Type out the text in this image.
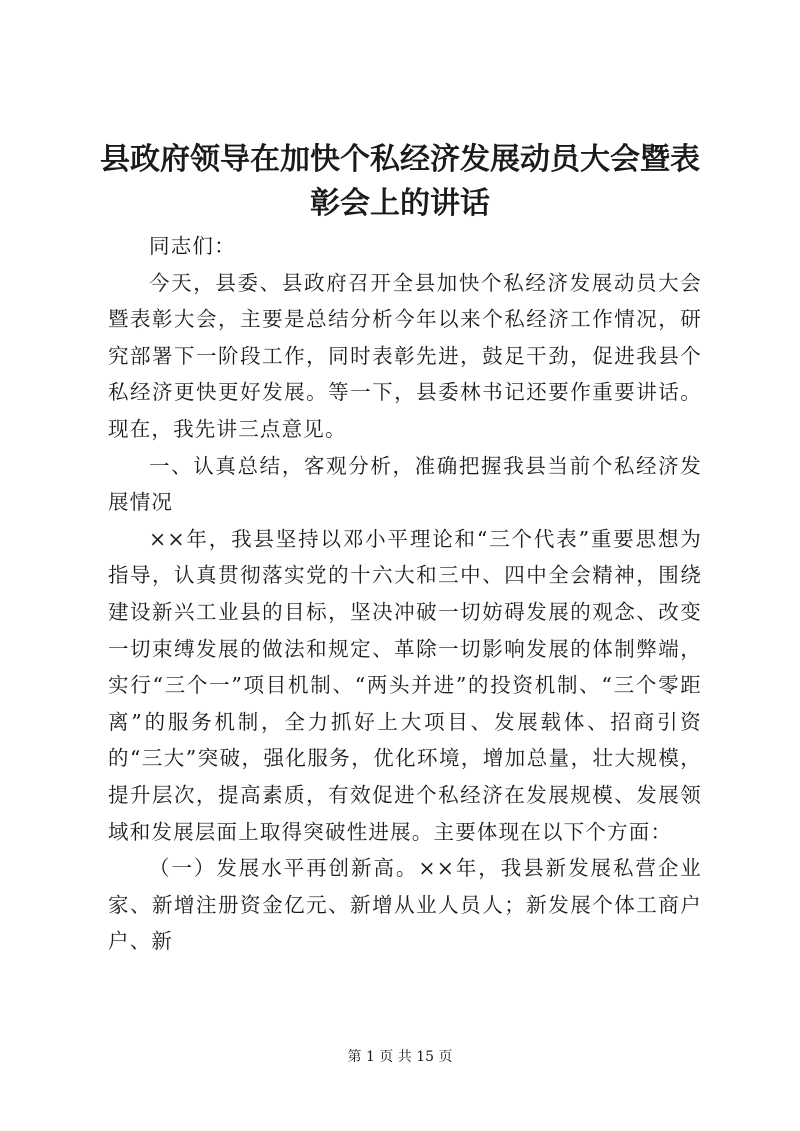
县政府领导在加快个私经济发展动员大会暨表
彰会上的讲话

同志们：

今天，县委、县政府召开全县加快个私经济发展动员大会暨表彰大会，主要是总结分析今年以来个私经济工作情况，研究部署下一阶段工作，同时表彰先进，鼓足干劲，促进我县个私经济更快更好发展。等一下，县委林书记还要作重要讲话。现在，我先讲三点意见。

一、认真总结，客观分析，准确把握我县当前个私经济发展情况

××年，我县坚持以邓小平理论和“三个代表”重要思想为指导，认真贯彻落实党的十六大和三中、四中全会精神，围绕建设新兴工业县的目标，坚决冲破一切妨碍发展的观念、改变一切束缚发展的做法和规定、革除一切影响发展的体制弊端，实行“三个一”项目机制、“两头并进”的投资机制、“三个零距离”的服务机制，全力抓好上大项目、发展载体、招商引资的“三大”突破，强化服务，优化环境，增加总量，壮大规模，提升层次，提高素质，有效促进个私经济在发展规模、发展领域和发展层面上取得突破性进展。主要体现在以下个方面：

（一）发展水平再创新高。××年，我县新发展私营企业家、新增注册资金亿元、新增从业人员人；新发展个体工商户户、新

第 1 页 共 15 页
